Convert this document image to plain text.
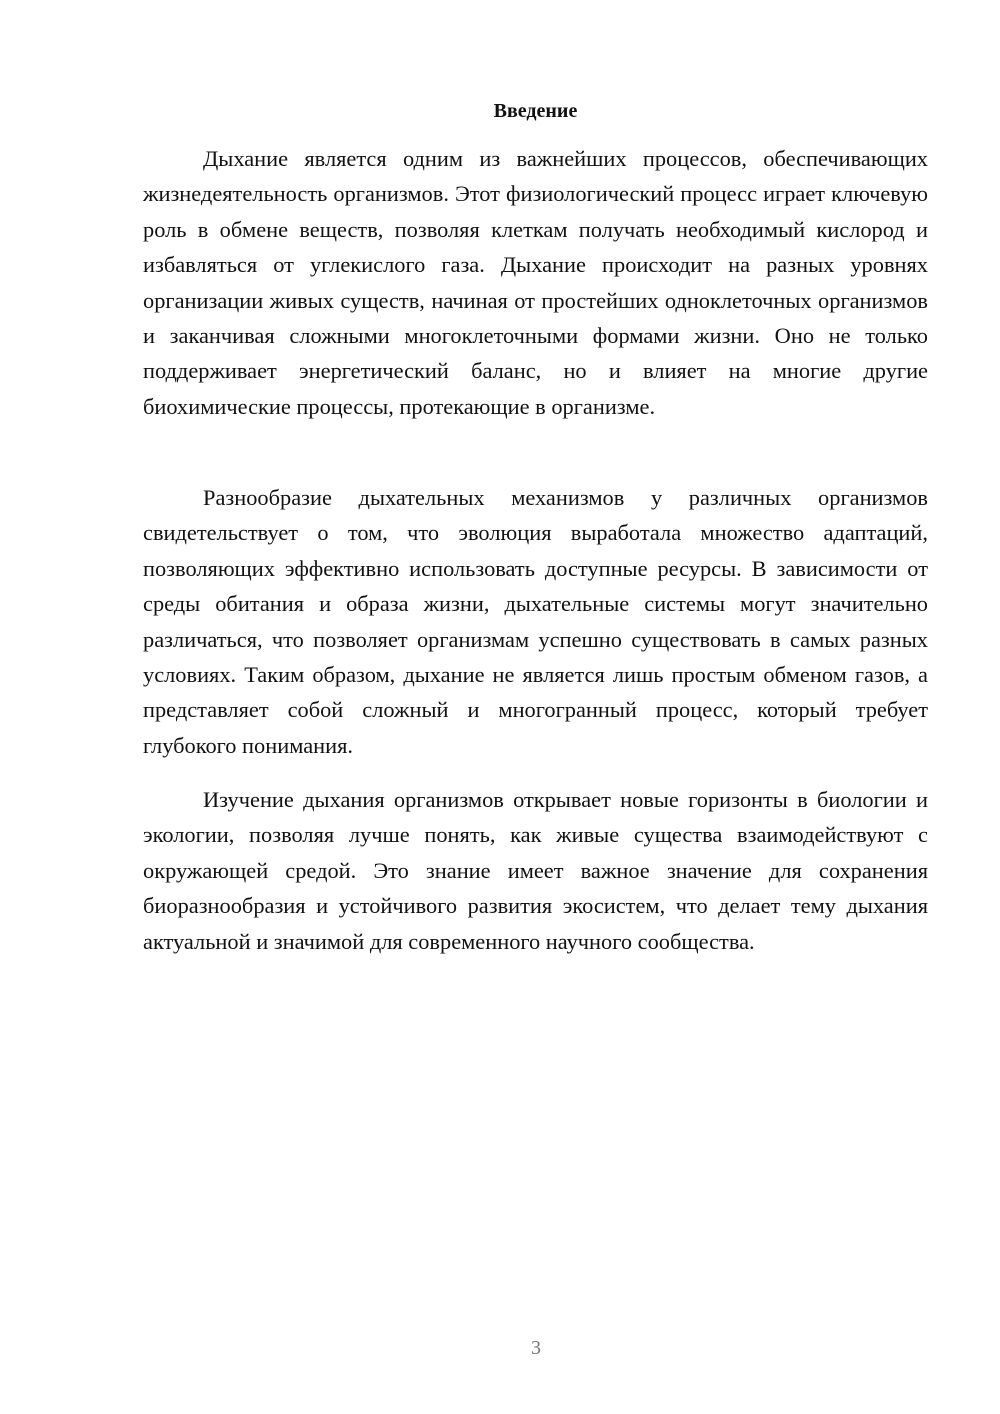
Введение

Дыхание является одним из важнейших процессов, обеспечивающих жизнедеятельность организмов. Этот физиологический процесс играет ключевую роль в обмене веществ, позволяя клеткам получать необходимый кислород и избавляться от углекислого газа. Дыхание происходит на разных уровнях организации живых существ, начиная от простейших одноклеточных организмов и заканчивая сложными многоклеточными формами жизни. Оно не только поддерживает энергетический баланс, но и влияет на многие другие биохимические процессы, протекающие в организме.

Разнообразие дыхательных механизмов у различных организмов свидетельствует о том, что эволюция выработала множество адаптаций, позволяющих эффективно использовать доступные ресурсы. В зависимости от среды обитания и образа жизни, дыхательные системы могут значительно различаться, что позволяет организмам успешно существовать в самых разных условиях. Таким образом, дыхание не является лишь простым обменом газов, а представляет собой сложный и многогранный процесс, который требует глубокого понимания.

Изучение дыхания организмов открывает новые горизонты в биологии и экологии, позволяя лучше понять, как живые существа взаимодействуют с окружающей средой. Это знание имеет важное значение для сохранения биоразнообразия и устойчивого развития экосистем, что делает тему дыхания актуальной и значимой для современного научного сообщества.

3
